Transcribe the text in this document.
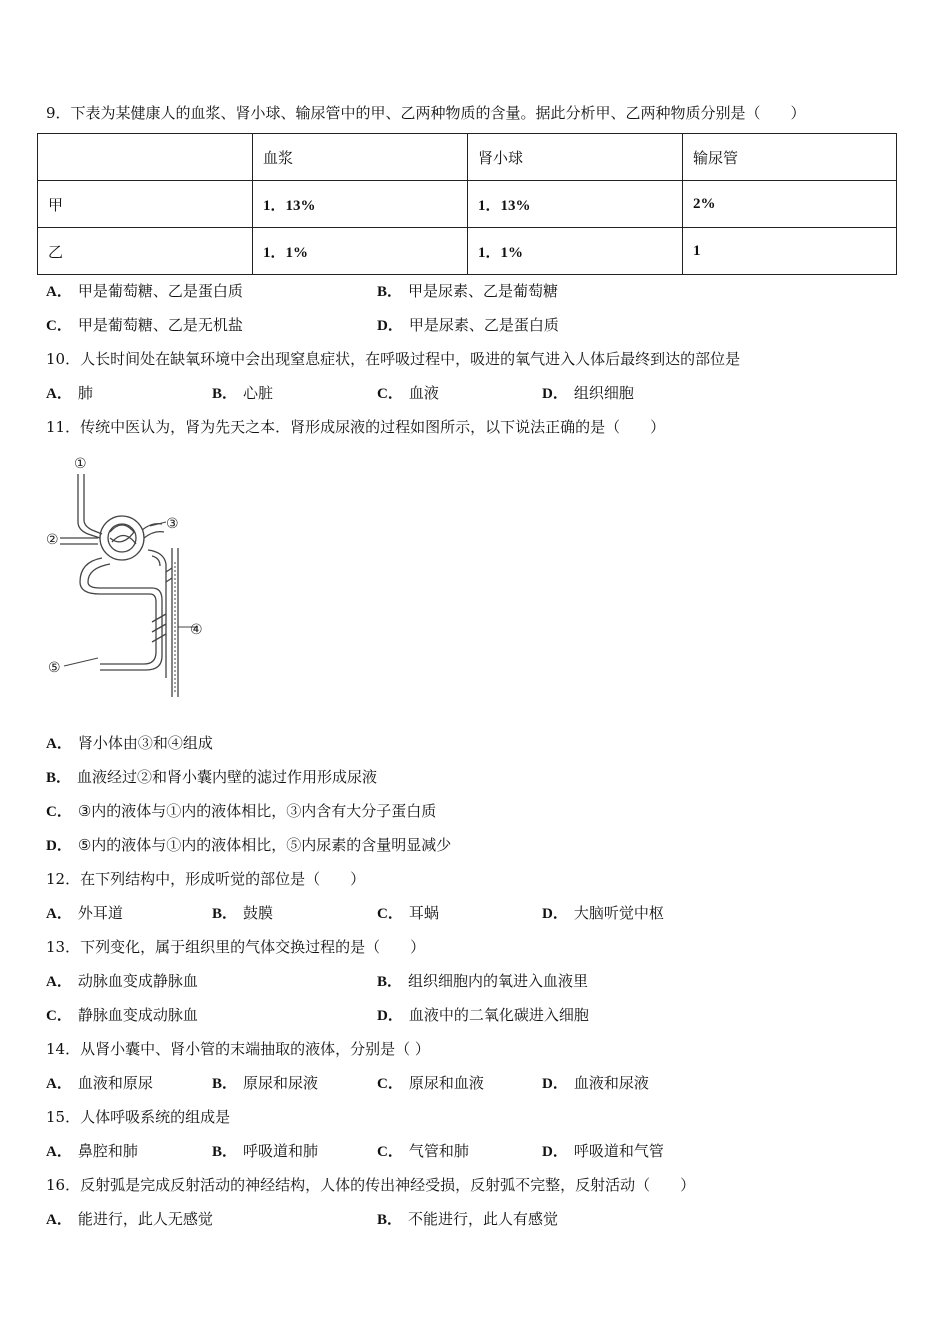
9．下表为某健康人的血浆、肾小球、输尿管中的甲、乙两种物质的含量。据此分析甲、乙两种物质分别是（　　）
	血浆	肾小球	输尿管
甲	1．13%	1．13%	2%
乙	1．1%	1．1%	1
A． 甲是葡萄糖、乙是蛋白质	B． 甲是尿素、乙是葡萄糖
C． 甲是葡萄糖、乙是无机盐	D． 甲是尿素、乙是蛋白质
10．人长时间处在缺氧环境中会出现窒息症状，在呼吸过程中，吸进的氧气进入人体后最终到达的部位是
A． 肺	B． 心脏	C． 血液	D． 组织细胞
11．传统中医认为，肾为先天之本．肾形成尿液的过程如图所示，以下说法正确的是（　　）
①
②
③
④
⑤
A． 肾小体由③和④组成
B． 血液经过②和肾小囊内壁的滤过作用形成尿液
C． ③内的液体与①内的液体相比，③内含有大分子蛋白质
D． ⑤内的液体与①内的液体相比，⑤内尿素的含量明显减少
12．在下列结构中，形成听觉的部位是（　　）
A． 外耳道	B． 鼓膜	C． 耳蜗	D． 大脑听觉中枢
13．下列变化，属于组织里的气体交换过程的是（　　）
A． 动脉血变成静脉血	B． 组织细胞内的氧进入血液里
C． 静脉血变成动脉血	D． 血液中的二氧化碳进入细胞
14．从肾小囊中、肾小管的末端抽取的液体，分别是（ ）
A． 血液和原尿	B． 原尿和尿液	C． 原尿和血液	D． 血液和尿液
15．人体呼吸系统的组成是
A． 鼻腔和肺	B． 呼吸道和肺	C． 气管和肺	D． 呼吸道和气管
16．反射弧是完成反射活动的神经结构，人体的传出神经受损，反射弧不完整，反射活动（　　）
A． 能进行，此人无感觉	B． 不能进行，此人有感觉
